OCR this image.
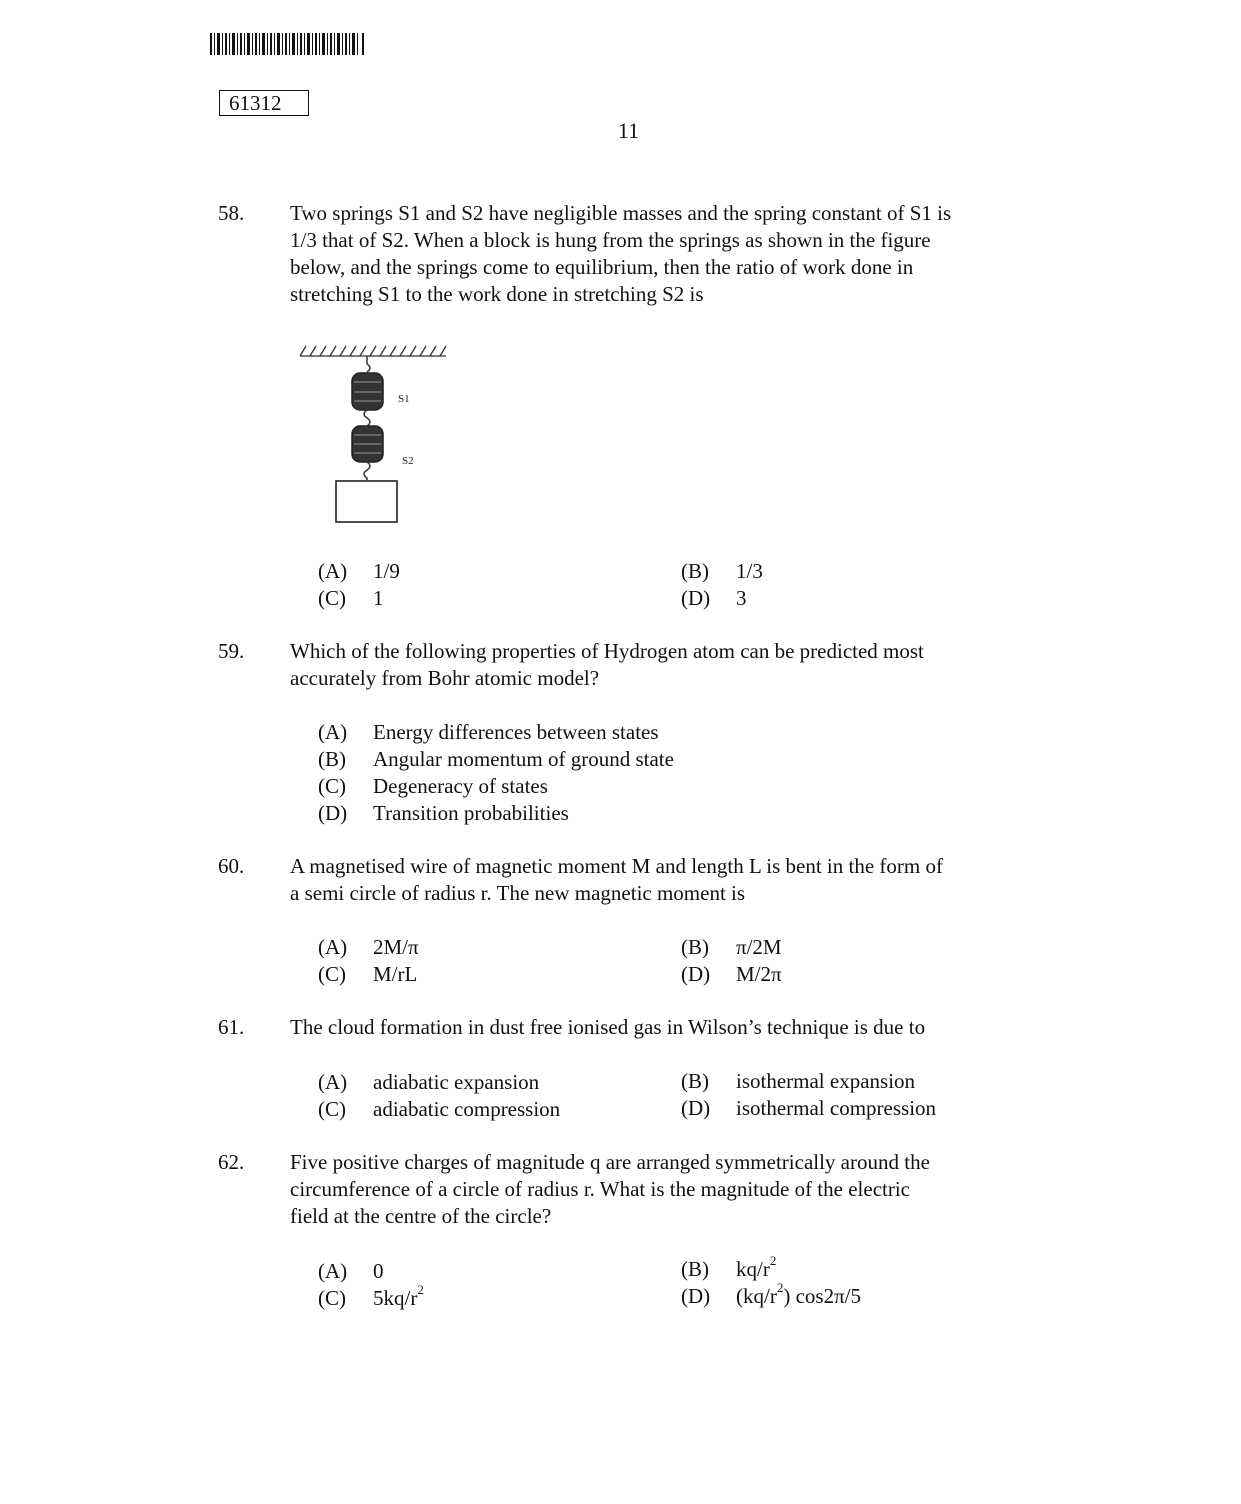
61312
11
58. Two springs S1 and S2 have negligible masses and the spring constant of S1 is
1/3 that of S2. When a block is hung from the springs as shown in the figure
below, and the springs come to equilibrium, then the ratio of work done in
stretching S1 to the work done in stretching S2 is
S1
S2
(A) 1/9	(B) 1/3
(C) 1	(D) 3
59. Which of the following properties of Hydrogen atom can be predicted most
accurately from Bohr atomic model?
(A) Energy differences between states
(B) Angular momentum of ground state
(C) Degeneracy of states
(D) Transition probabilities
60. A magnetised wire of magnetic moment M and length L is bent in the form of
a semi circle of radius r. The new magnetic moment is
(A) 2M/π	(B) π/2M
(C) M/rL	(D) M/2π
61. The cloud formation in dust free ionised gas in Wilson’s technique is due to
(A) adiabatic expansion	(B) isothermal expansion
(C) adiabatic compression	(D) isothermal compression
62. Five positive charges of magnitude q are arranged symmetrically around the
circumference of a circle of radius r. What is the magnitude of the electric
field at the centre of the circle?
(A) 0	(B) $kq/r^2$
(C) $5kq/r^2$	(D) $(kq/r^2)$ cos2π/5
